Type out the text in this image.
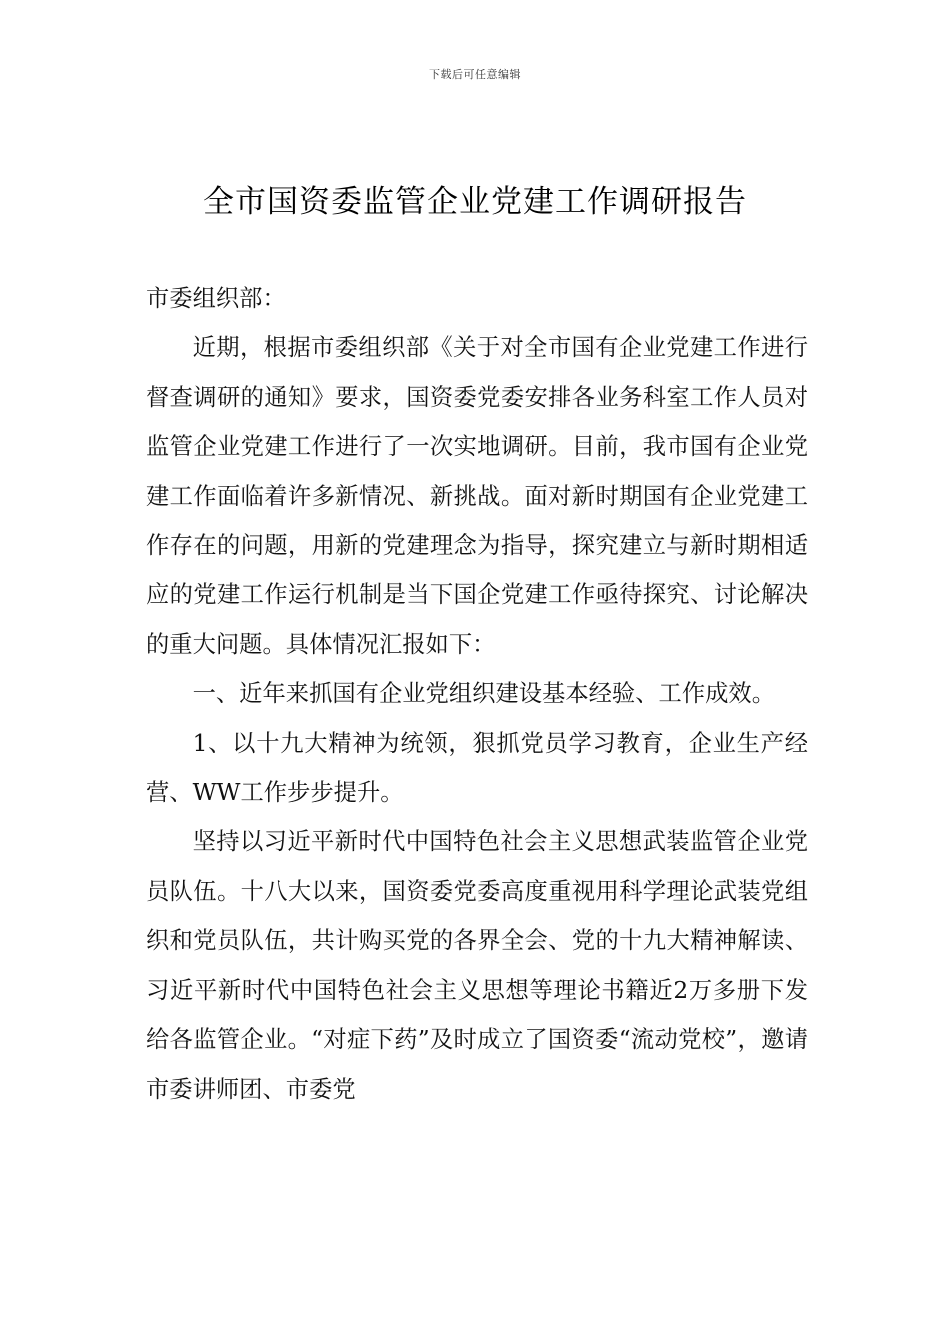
下载后可任意编辑
全市国资委监管企业党建工作调研报告

市委组织部：

近期，根据市委组织部《关于对全市国有企业党建工作进行督查调研的通知》要求，国资委党委安排各业务科室工作人员对监管企业党建工作进行了一次实地调研。目前，我市国有企业党建工作面临着许多新情况、新挑战。面对新时期国有企业党建工作存在的问题，用新的党建理念为指导，探究建立与新时期相适应的党建工作运行机制是当下国企党建工作亟待探究、讨论解决的重大问题。具体情况汇报如下：

一、近年来抓国有企业党组织建设基本经验、工作成效。

1、以十九大精神为统领，狠抓党员学习教育，企业生产经营、WW工作步步提升。

坚持以习近平新时代中国特色社会主义思想武装监管企业党员队伍。十八大以来，国资委党委高度重视用科学理论武装党组织和党员队伍，共计购买党的各界全会、党的十九大精神解读、习近平新时代中国特色社会主义思想等理论书籍近2万多册下发给各监管企业。“对症下药”及时成立了国资委“流动党校”，邀请市委讲师团、市委党
